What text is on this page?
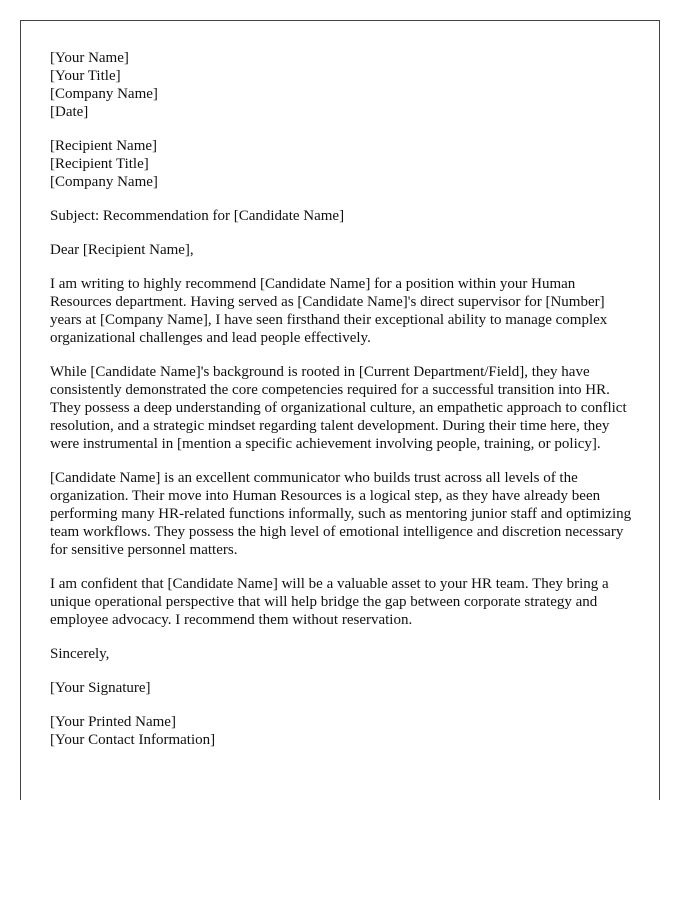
[Your Name]
[Your Title]
[Company Name]
[Date]
[Recipient Name]
[Recipient Title]
[Company Name]

Subject: Recommendation for [Candidate Name]

Dear [Recipient Name],

I am writing to highly recommend [Candidate Name] for a position within your Human Resources department. Having served as [Candidate Name]'s direct supervisor for [Number] years at [Company Name], I have seen firsthand their exceptional ability to manage complex organizational challenges and lead people effectively.

While [Candidate Name]'s background is rooted in [Current Department/Field], they have consistently demonstrated the core competencies required for a successful transition into HR. They possess a deep understanding of organizational culture, an empathetic approach to conflict resolution, and a strategic mindset regarding talent development. During their time here, they were instrumental in [mention a specific achievement involving people, training, or policy].

[Candidate Name] is an excellent communicator who builds trust across all levels of the organization. Their move into Human Resources is a logical step, as they have already been performing many HR-related functions informally, such as mentoring junior staff and optimizing team workflows. They possess the high level of emotional intelligence and discretion necessary for sensitive personnel matters.

I am confident that [Candidate Name] will be a valuable asset to your HR team. They bring a unique operational perspective that will help bridge the gap between corporate strategy and employee advocacy. I recommend them without reservation.

Sincerely,

[Your Signature]

[Your Printed Name]
[Your Contact Information]
